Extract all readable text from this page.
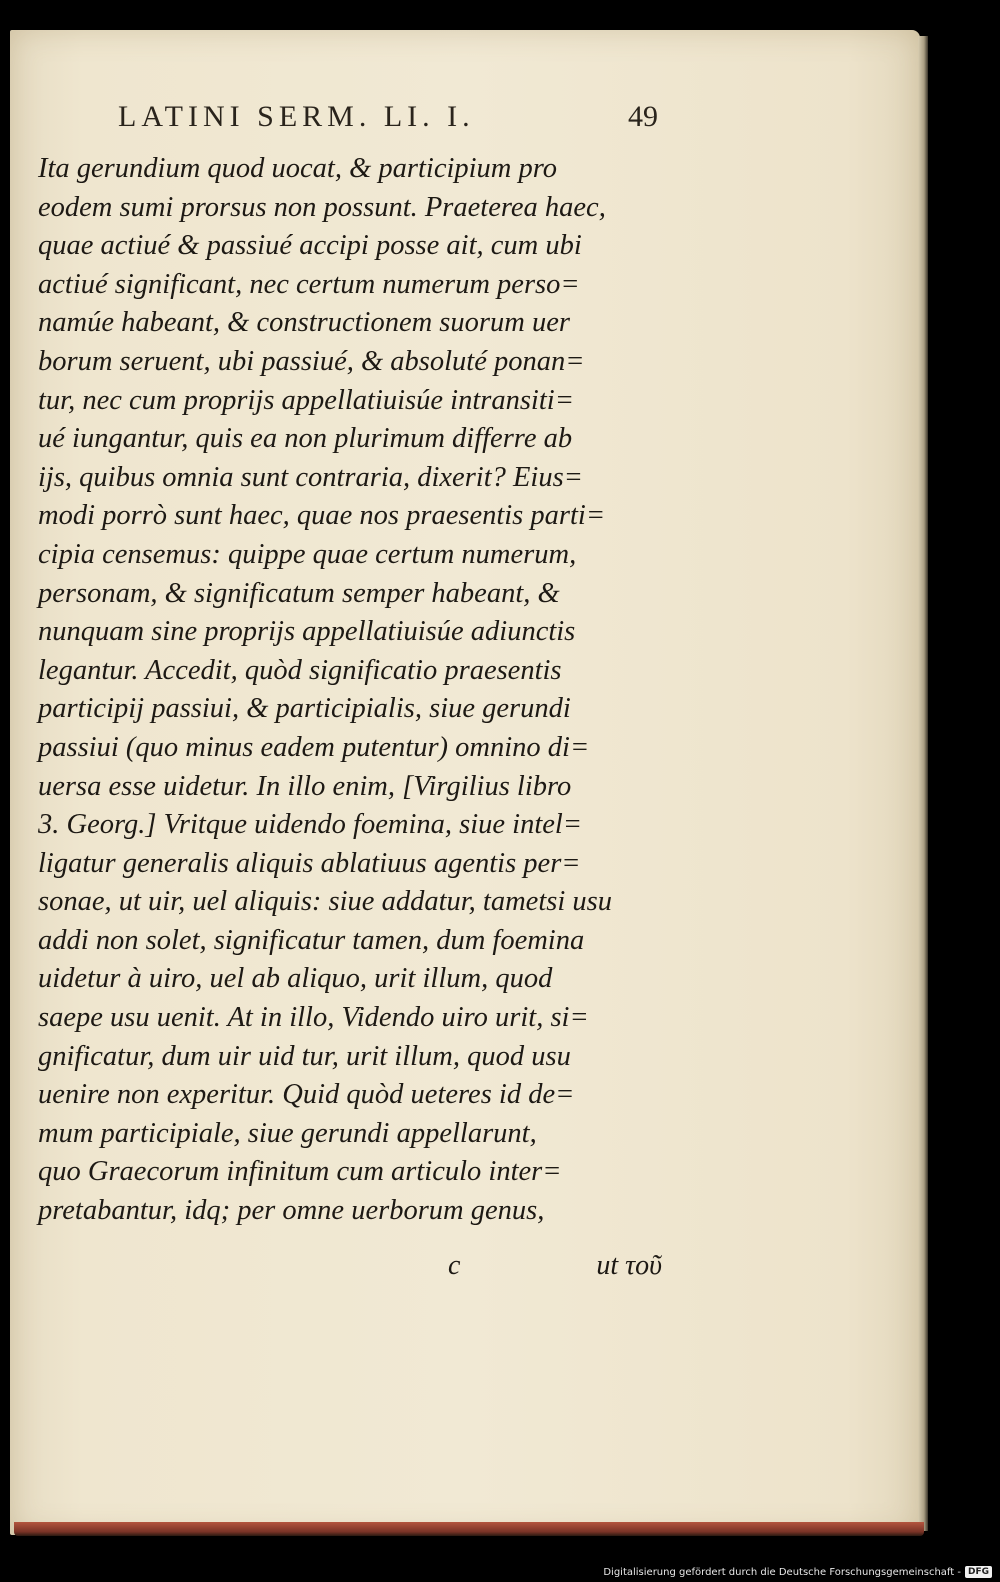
LATINI SERM. LI. I.	49
Ita gerundium quod uocat, & participium pro
eodem sumi prorsus non possunt. Praeterea haec,
quae actiué & passiué accipi posse ait, cum ubi
actiué significant, nec certum numerum perso=
namúe habeant, & constructionem suorum uer
borum seruent, ubi passiué, & absoluté ponan=
tur, nec cum proprijs appellatiuisúe intransiti=
ué iungantur, quis ea non plurimum differre ab
ijs, quibus omnia sunt contraria, dixerit? Eius=
modi porrò sunt haec, quae nos praesentis parti=
cipia censemus: quippe quae certum numerum,
personam, & significatum semper habeant, &
nunquam sine proprijs appellatiuisúe adiunctis
legantur. Accedit, quòd significatio praesentis
participij passiui, & participialis, siue gerundi
passiui (quo minus eadem putentur) omnino di=
uersa esse uidetur. In illo enim, [Virgilius libro
3. Georg.] Vritque uidendo foemina, siue intel=
ligatur generalis aliquis ablatiuus agentis per=
sonae, ut uir, uel aliquis: siue addatur, tametsi usu
addi non solet, significatur tamen, dum foemina
uidetur à uiro, uel ab aliquo, urit illum, quod
saepe usu uenit. At in illo, Videndo uiro urit, si=
gnificatur, dum uir uid tur, urit illum, quod usu
uenire non experitur. Quid quòd ueteres id de=
mum participiale, siue gerundi appellarunt,
quo Graecorum infinitum cum articulo inter=
pretabantur, idq; per omne uerborum genus,
c	ut τοῦ
Digitalisierung gefördert durch die Deutsche Forschungsgemeinschaft - DFG
